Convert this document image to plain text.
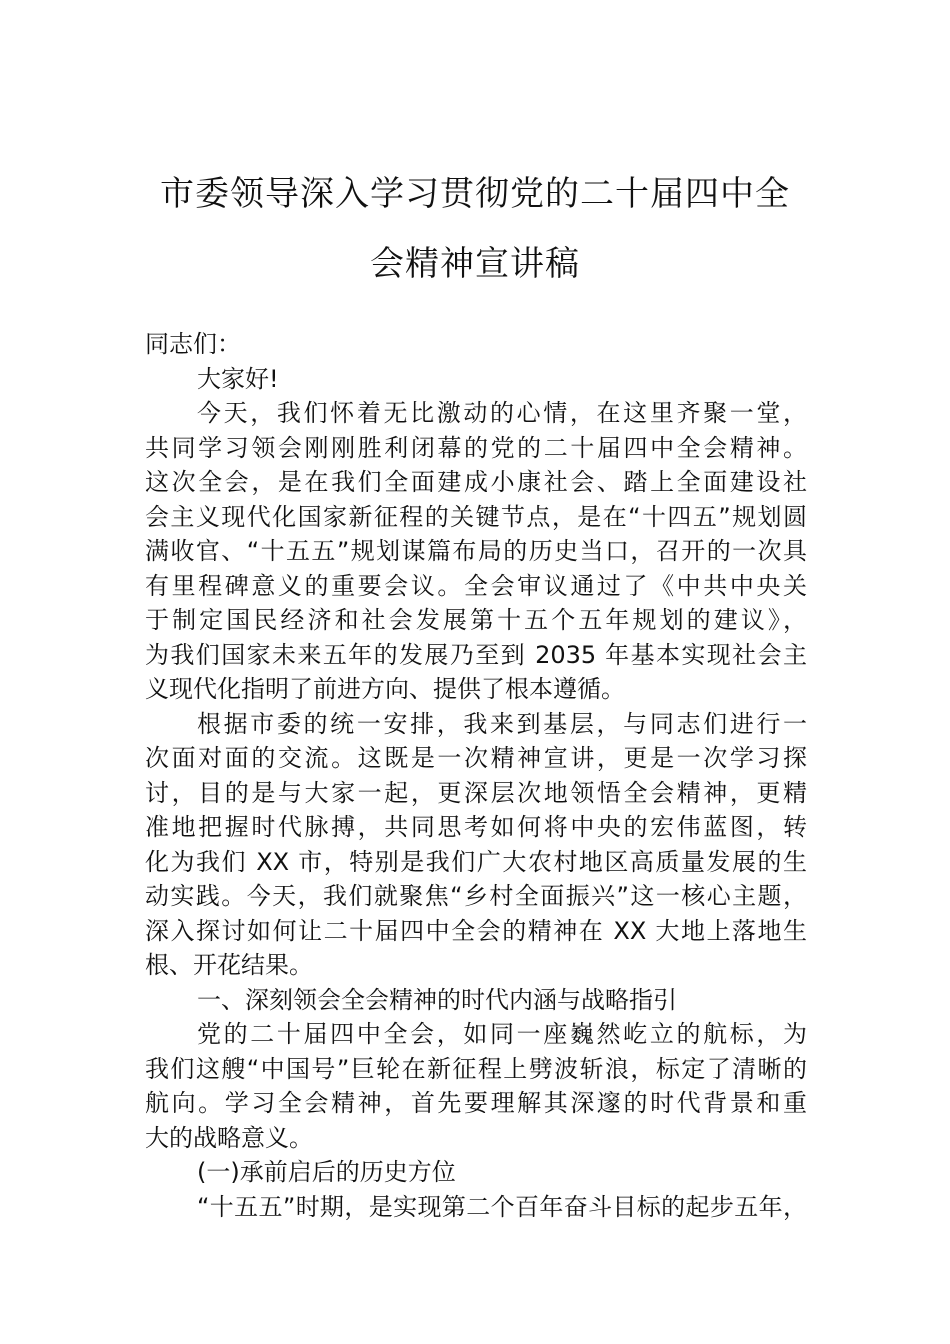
市委领导深入学习贯彻党的二十届四中全
会精神宣讲稿
同志们：
大家好!
今天，我们怀着无比激动的心情，在这里齐聚一堂，
共同学习领会刚刚胜利闭幕的党的二十届四中全会精神。
这次全会，是在我们全面建成小康社会、踏上全面建设社
会主义现代化国家新征程的关键节点，是在“十四五”规划圆
满收官、“十五五”规划谋篇布局的历史当口，召开的一次具
有里程碑意义的重要会议。全会审议通过了《中共中央关
于制定国民经济和社会发展第十五个五年规划的建议》，
为我们国家未来五年的发展乃至到 2035 年基本实现社会主
义现代化指明了前进方向、提供了根本遵循。
根据市委的统一安排，我来到基层，与同志们进行一
次面对面的交流。这既是一次精神宣讲，更是一次学习探
讨，目的是与大家一起，更深层次地领悟全会精神，更精
准地把握时代脉搏，共同思考如何将中央的宏伟蓝图，转
化为我们 XX 市，特别是我们广大农村地区高质量发展的生
动实践。今天，我们就聚焦“乡村全面振兴”这一核心主题，
深入探讨如何让二十届四中全会的精神在 XX 大地上落地生
根、开花结果。
一、深刻领会全会精神的时代内涵与战略指引
党的二十届四中全会，如同一座巍然屹立的航标，为
我们这艘“中国号”巨轮在新征程上劈波斩浪，标定了清晰的
航向。学习全会精神，首先要理解其深邃的时代背景和重
大的战略意义。
(一)承前启后的历史方位
“十五五”时期，是实现第二个百年奋斗目标的起步五年，
